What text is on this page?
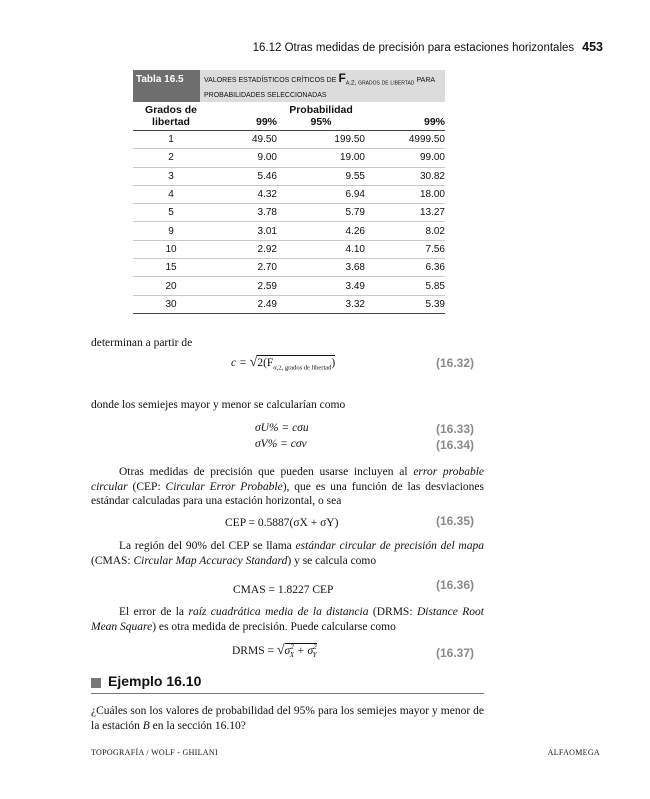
16.12 Otras medidas de precisión para estaciones horizontales 453
Tabla 16.5	VALORES ESTADÍSTICOS CRÍTICOS DE $F_{\alpha,2, grados de libertad}$ PARA PROBABILIDADES SELECCIONADAS
Grados de		Probabilidad	
libertad	99%	95%	99%
1	49.50	199.50	4999.50
2	9.00	19.00	99.00
3	5.46	9.55	30.82
4	4.32	6.94	18.00
5	3.78	5.79	13.27
9	3.01	4.26	8.02
10	2.92	4.10	7.56
15	2.70	3.68	6.36
20	2.59	3.49	5.85
30	2.49	3.32	5.39
determinan a partir de
$c = √2(F_{\alpha,2, grados de libertad})$	(16.32)
donde los semiejes mayor y menor se calcularían como
σU% = cσu	(16.33)
σV% = cσv	(16.34)
Otras medidas de precisión que pueden usarse incluyen al error probable circular (CEP: Circular Error Probable), que es una función de las desviaciones estándar calculadas para una estación horizontal, o sea
CEP = 0.5887(σX + σY)	(16.35)
La región del 90% del CEP se llama estándar circular de precisión del mapa (CMAS: Circular Map Accuracy Standard) y se calcula como
CMAS = 1.8227 CEP	(16.36)
El error de la raíz cuadrática media de la distancia (DRMS: Distance Root Mean Square) es otra medida de precisión. Puede calcularse como
DRMS = $√\sigma^2_X + \sigma^2_Y$	(16.37)
Ejemplo 16.10
¿Cuáles son los valores de probabilidad del 95% para los semiejes mayor y menor de la estación B en la sección 16.10?
TOPOGRAFÍA / WOLF - GHILANI	ALFAOMEGA
